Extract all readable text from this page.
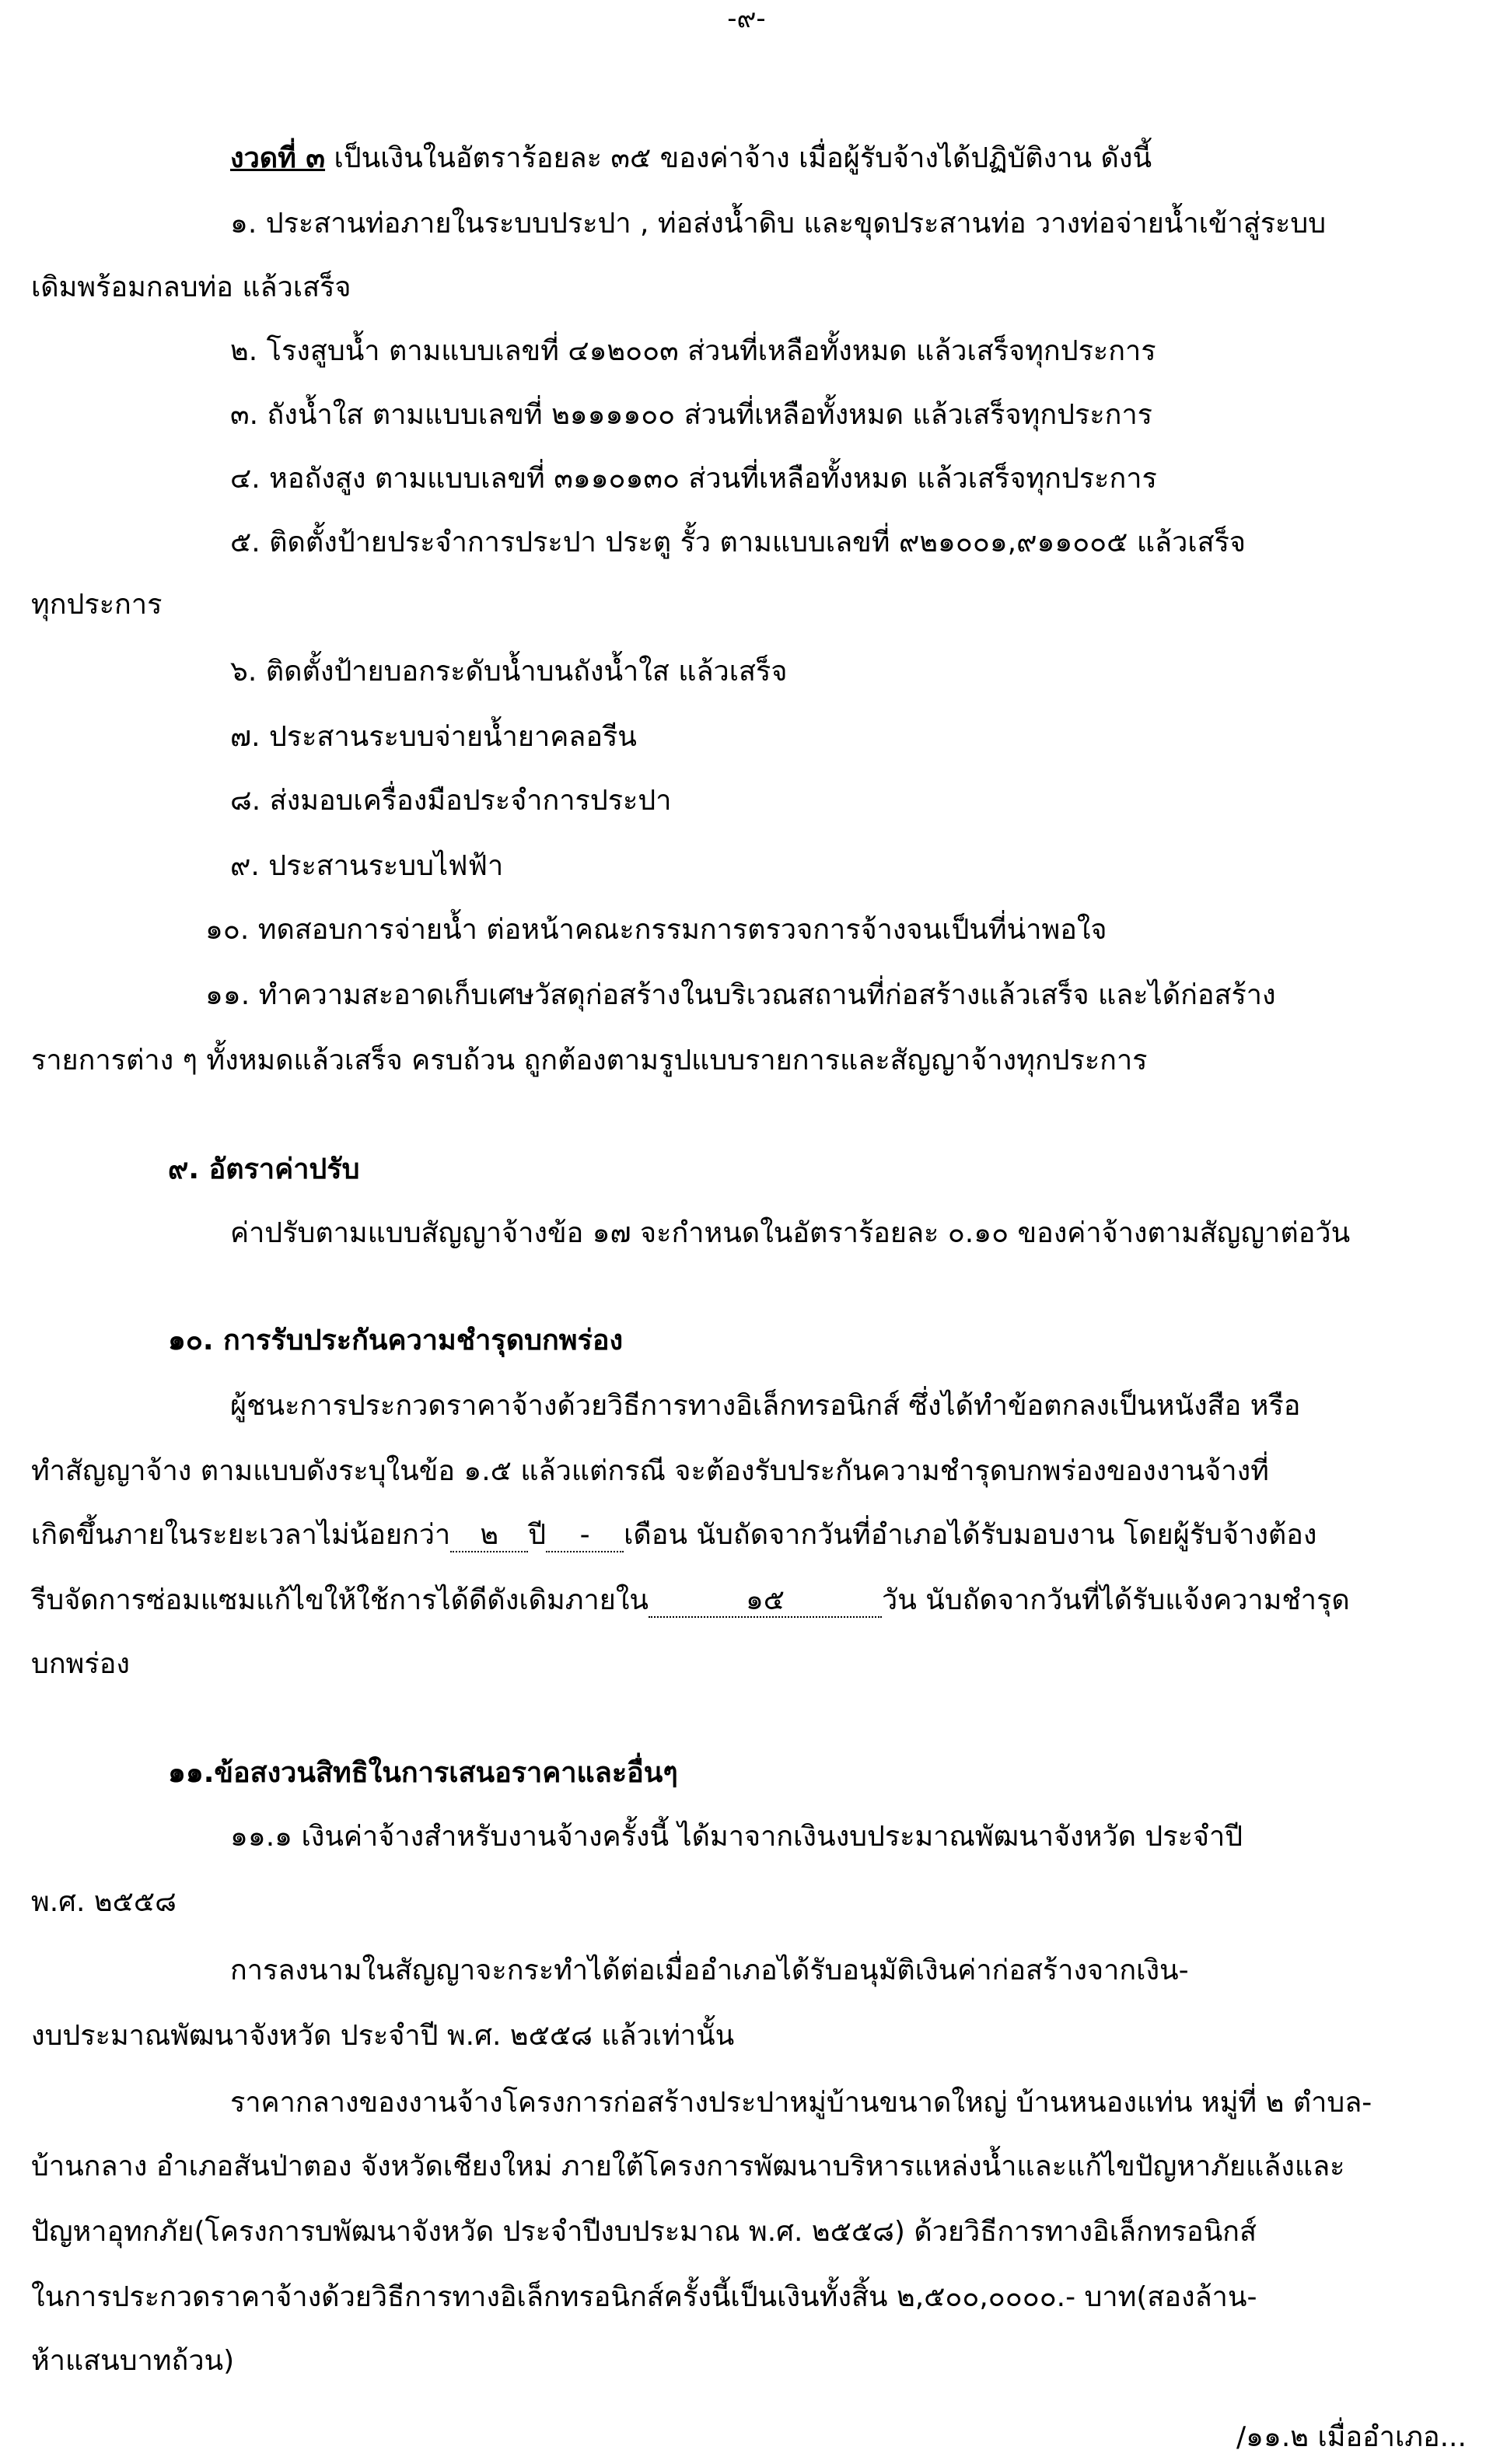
-๙-
งวดที่ ๓ เป็นเงินในอัตราร้อยละ ๓๕ ของค่าจ้าง เมื่อผู้รับจ้างได้ปฏิบัติงาน ดังนี้
๑. ประสานท่อภายในระบบประปา , ท่อส่งน้ำดิบ และขุดประสานท่อ วางท่อจ่ายน้ำเข้าสู่ระบบ
เดิมพร้อมกลบท่อ แล้วเสร็จ
๒. โรงสูบน้ำ ตามแบบเลขที่ ๔๑๒๐๐๓ ส่วนที่เหลือทั้งหมด แล้วเสร็จทุกประการ
๓. ถังน้ำใส ตามแบบเลขที่ ๒๑๑๑๑๐๐ ส่วนที่เหลือทั้งหมด แล้วเสร็จทุกประการ
๔. หอถังสูง ตามแบบเลขที่ ๓๑๑๐๑๓๐ ส่วนที่เหลือทั้งหมด แล้วเสร็จทุกประการ
๕. ติดตั้งป้ายประจำการประปา ประตู รั้ว ตามแบบเลขที่ ๙๒๑๐๐๑,๙๑๑๐๐๕ แล้วเสร็จ
ทุกประการ
๖. ติดตั้งป้ายบอกระดับน้ำบนถังน้ำใส แล้วเสร็จ
๗. ประสานระบบจ่ายน้ำยาคลอรีน
๘. ส่งมอบเครื่องมือประจำการประปา
๙. ประสานระบบไฟฟ้า
๑๐. ทดสอบการจ่ายน้ำ ต่อหน้าคณะกรรมการตรวจการจ้างจนเป็นที่น่าพอใจ
๑๑. ทำความสะอาดเก็บเศษวัสดุก่อสร้างในบริเวณสถานที่ก่อสร้างแล้วเสร็จ และได้ก่อสร้าง
รายการต่าง ๆ ทั้งหมดแล้วเสร็จ ครบถ้วน ถูกต้องตามรูปแบบรายการและสัญญาจ้างทุกประการ
๙. อัตราค่าปรับ
ค่าปรับตามแบบสัญญาจ้างข้อ ๑๗ จะกำหนดในอัตราร้อยละ ๐.๑๐ ของค่าจ้างตามสัญญาต่อวัน
๑๐. การรับประกันความชำรุดบกพร่อง
ผู้ชนะการประกวดราคาจ้างด้วยวิธีการทางอิเล็กทรอนิกส์ ซึ่งได้ทำข้อตกลงเป็นหนังสือ หรือ
ทำสัญญาจ้าง ตามแบบดังระบุในข้อ ๑.๕ แล้วแต่กรณี จะต้องรับประกันความชำรุดบกพร่องของงานจ้างที่
เกิดขึ้นภายในระยะเวลาไม่น้อยกว่า ๒ ปี - เดือน นับถัดจากวันที่อำเภอได้รับมอบงาน โดยผู้รับจ้างต้อง
รีบจัดการซ่อมแซมแก้ไขให้ใช้การได้ดีดังเดิมภายใน	๑๕	วัน นับถัดจากวันที่ได้รับแจ้งความชำรุด
บกพร่อง
๑๑.ข้อสงวนสิทธิในการเสนอราคาและอื่นๆ
๑๑.๑ เงินค่าจ้างสำหรับงานจ้างครั้งนี้ ได้มาจากเงินงบประมาณพัฒนาจังหวัด ประจำปี
พ.ศ. ๒๕๕๘
การลงนามในสัญญาจะกระทำได้ต่อเมื่ออำเภอได้รับอนุมัติเงินค่าก่อสร้างจากเงิน-
งบประมาณพัฒนาจังหวัด ประจำปี พ.ศ. ๒๕๕๘ แล้วเท่านั้น
ราคากลางของงานจ้างโครงการก่อสร้างประปาหมู่บ้านขนาดใหญ่ บ้านหนองแท่น หมู่ที่ ๒ ตำบล-
บ้านกลาง อำเภอสันป่าตอง จังหวัดเชียงใหม่ ภายใต้โครงการพัฒนาบริหารแหล่งน้ำและแก้ไขปัญหาภัยแล้งและ
ปัญหาอุทกภัย(โครงการบพัฒนาจังหวัด ประจำปีงบประมาณ พ.ศ. ๒๕๕๘) ด้วยวิธีการทางอิเล็กทรอนิกส์
ในการประกวดราคาจ้างด้วยวิธีการทางอิเล็กทรอนิกส์ครั้งนี้เป็นเงินทั้งสิ้น ๒,๕๐๐,๐๐๐๐.- บาท(สองล้าน-
ห้าแสนบาทถ้วน)
/๑๑.๒ เมื่ออำเภอ...
